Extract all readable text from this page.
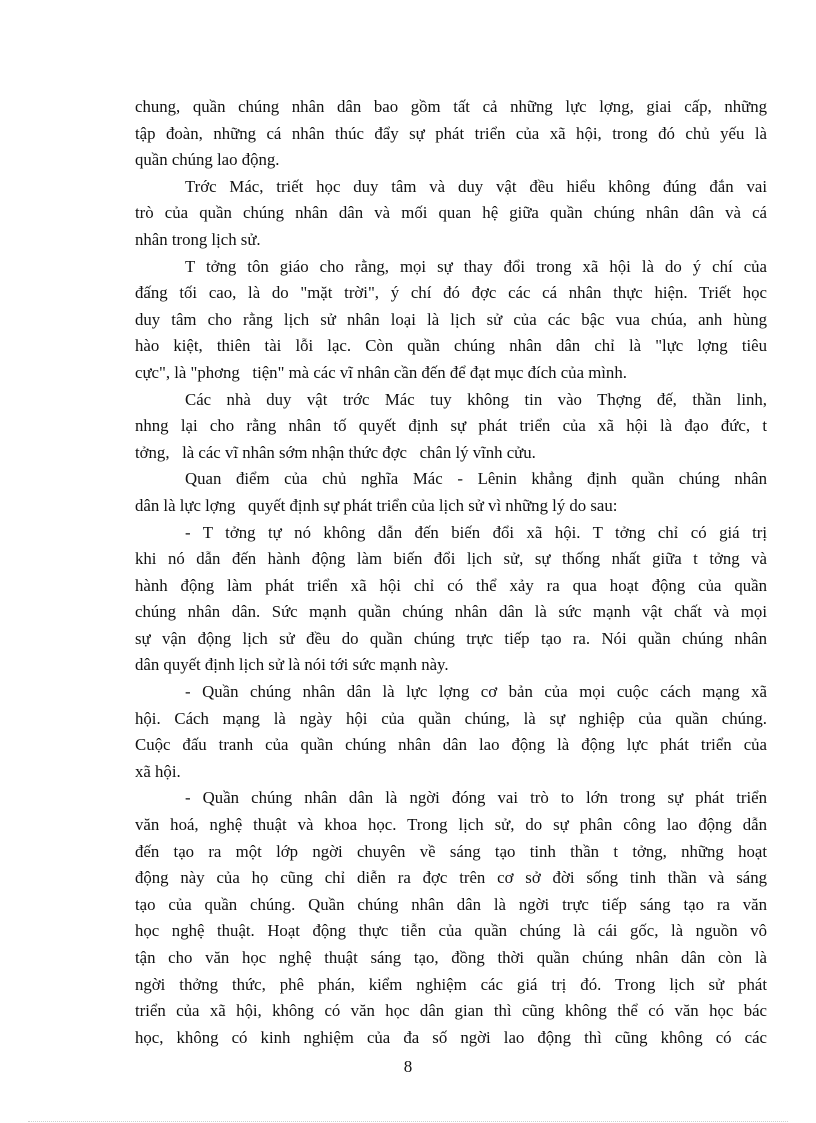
chung, quần chúng nhân dân bao gồm tất cả những lực lợng, giai cấp, những
tập đoàn, những cá nhân thúc đẩy sự phát triển của xã hội, trong đó chủ yếu là
quần chúng lao động.
Trớc Mác, triết học duy tâm và duy vật đều hiểu không đúng đắn vai
trò của quần chúng nhân dân và mối quan hệ giữa quần chúng nhân dân và cá
nhân trong lịch sử.
T tởng tôn giáo cho rằng, mọi sự thay đổi trong xã hội là do ý chí của
đấng tối cao, là do "mặt trời", ý chí đó đợc các cá nhân thực hiện. Triết học
duy tâm cho rằng lịch sử nhân loại là lịch sử của các bậc vua chúa, anh hùng
hào kiệt, thiên tài lỗi lạc. Còn quần chúng nhân dân chỉ là "lực lợng tiêu
cực", là "phơng   tiện" mà các vĩ nhân cần đến để đạt mục đích của mình.
Các nhà duy vật trớc Mác tuy không tin vào Thợng đế, thần linh,
nhng lại cho rằng nhân tố quyết định sự phát triển của xã hội là đạo đức, t
tởng,   là các vĩ nhân sớm nhận thức đợc   chân lý vĩnh cửu.
Quan điểm của chủ nghĩa Mác - Lênin khẳng định quần chúng nhân
dân là lực lợng   quyết định sự phát triển của lịch sử vì những lý do sau:
- T tởng tự nó không dẫn đến biến đổi xã hội. T tởng chỉ có giá trị
khi nó dẫn đến hành động làm biến đổi lịch sử, sự thống nhất giữa t tởng và
hành động làm phát triển xã hội chỉ có thể xảy ra qua hoạt động của quần
chúng nhân dân. Sức mạnh quần chúng nhân dân là sức mạnh vật chất và mọi
sự vận động lịch sử đều do quần chúng trực tiếp tạo ra. Nói quần chúng nhân
dân quyết định lịch sử là nói tới sức mạnh này.
- Quần chúng nhân dân là lực lợng cơ bản của mọi cuộc cách mạng xã
hội. Cách mạng là ngày hội của quần chúng, là sự nghiệp của quần chúng.
Cuộc đấu tranh của quần chúng nhân dân lao động là động lực phát triển của
xã hội.
- Quần chúng nhân dân là ngời đóng vai trò to lớn trong sự phát triển
văn hoá, nghệ thuật và khoa học. Trong lịch sử, do sự phân công lao động dẫn
đến tạo ra một lớp ngời chuyên về sáng tạo tinh thần t tởng, những hoạt
động này của họ cũng chỉ diễn ra đợc trên cơ sở đời sống tinh thần và sáng
tạo của quần chúng. Quần chúng nhân dân là ngời trực tiếp sáng tạo ra văn
học nghệ thuật. Hoạt động thực tiễn của quần chúng là cái gốc, là nguồn vô
tận cho văn học nghệ thuật sáng tạo, đồng thời quần chúng nhân dân còn là
ngời thởng thức, phê phán, kiểm nghiệm các giá trị đó. Trong lịch sử phát
triển của xã hội, không có văn học dân gian thì cũng không thể có văn học bác
học, không có kinh nghiệm của đa số ngời lao động thì cũng không có các
8
